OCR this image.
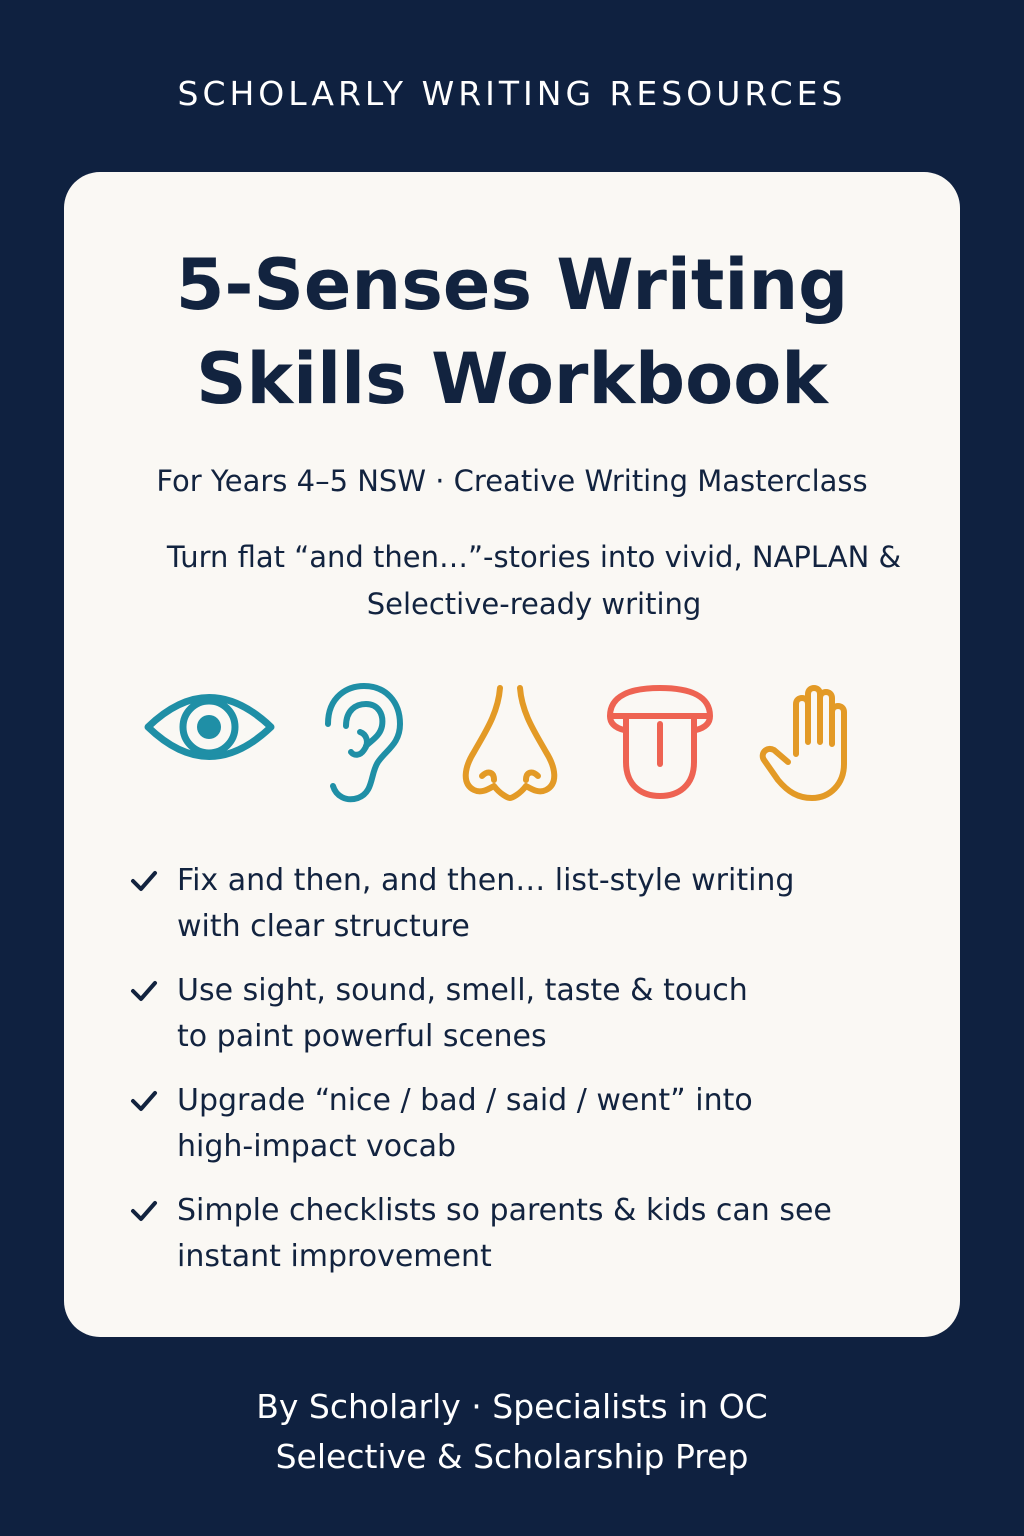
SCHOLARLY WRITING RESOURCES
5-Senses Writing
Skills Workbook

For Years 4–5 NSW · Creative Writing Masterclass

Turn flat “and then…”-stories into vivid, NAPLAN & Selective-ready writing

Fix and then, and then… list-style writing
with clear structure
Use sight, sound, smell, taste & touch
to paint powerful scenes
Upgrade “nice / bad / said / went” into
high-impact vocab
Simple checklists so parents & kids can see
instant improvement
By Scholarly · Specialists in OC
Selective & Scholarship Prep
